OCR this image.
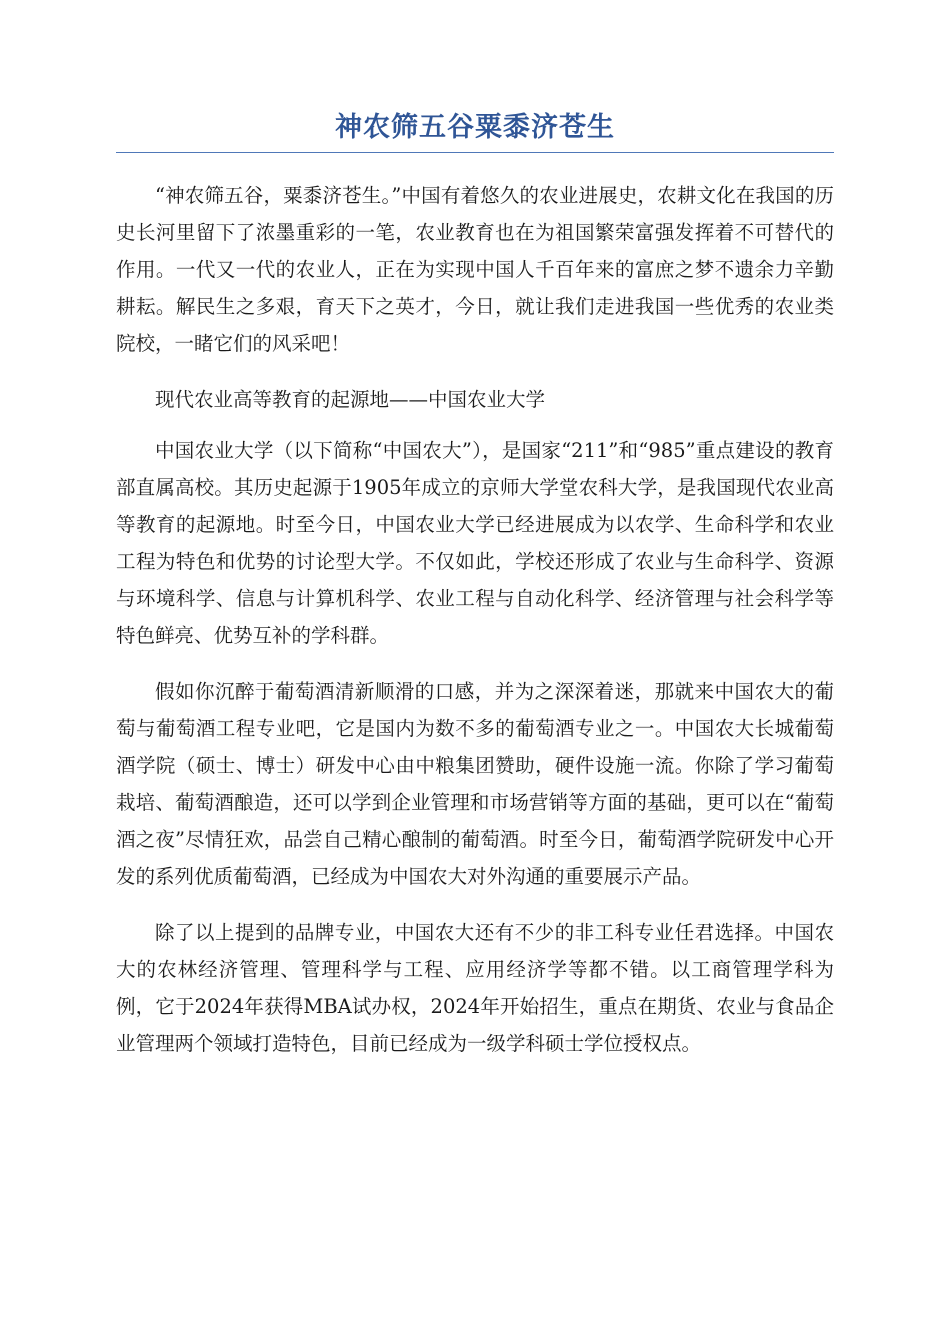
神农筛五谷粟黍济苍生

“神农筛五谷，粟黍济苍生。”中国有着悠久的农业进展史，农耕文化在我国的历史长河里留下了浓墨重彩的一笔，农业教育也在为祖国繁荣富强发挥着不可替代的作用。一代又一代的农业人，正在为实现中国人千百年来的富庶之梦不遗余力辛勤耕耘。解民生之多艰，育天下之英才，今日，就让我们走进我国一些优秀的农业类院校，一睹它们的风采吧！

现代农业高等教育的起源地——中国农业大学

中国农业大学（以下简称“中国农大”），是国家“211”和“985”重点建设的教育部直属高校。其历史起源于1905年成立的京师大学堂农科大学，是我国现代农业高等教育的起源地。时至今日，中国农业大学已经进展成为以农学、生命科学和农业工程为特色和优势的讨论型大学。不仅如此，学校还形成了农业与生命科学、资源与环境科学、信息与计算机科学、农业工程与自动化科学、经济管理与社会科学等特色鲜亮、优势互补的学科群。

假如你沉醉于葡萄酒清新顺滑的口感，并为之深深着迷，那就来中国农大的葡萄与葡萄酒工程专业吧，它是国内为数不多的葡萄酒专业之一。中国农大长城葡萄酒学院（硕士、博士）研发中心由中粮集团赞助，硬件设施一流。你除了学习葡萄栽培、葡萄酒酿造，还可以学到企业管理和市场营销等方面的基础，更可以在“葡萄酒之夜”尽情狂欢，品尝自己精心酿制的葡萄酒。时至今日，葡萄酒学院研发中心开发的系列优质葡萄酒，已经成为中国农大对外沟通的重要展示产品。

除了以上提到的品牌专业，中国农大还有不少的非工科专业任君选择。中国农大的农林经济管理、管理科学与工程、应用经济学等都不错。以工商管理学科为例，它于2024年获得MBA试办权，2024年开始招生，重点在期货、农业与食品企业管理两个领域打造特色，目前已经成为一级学科硕士学位授权点。
